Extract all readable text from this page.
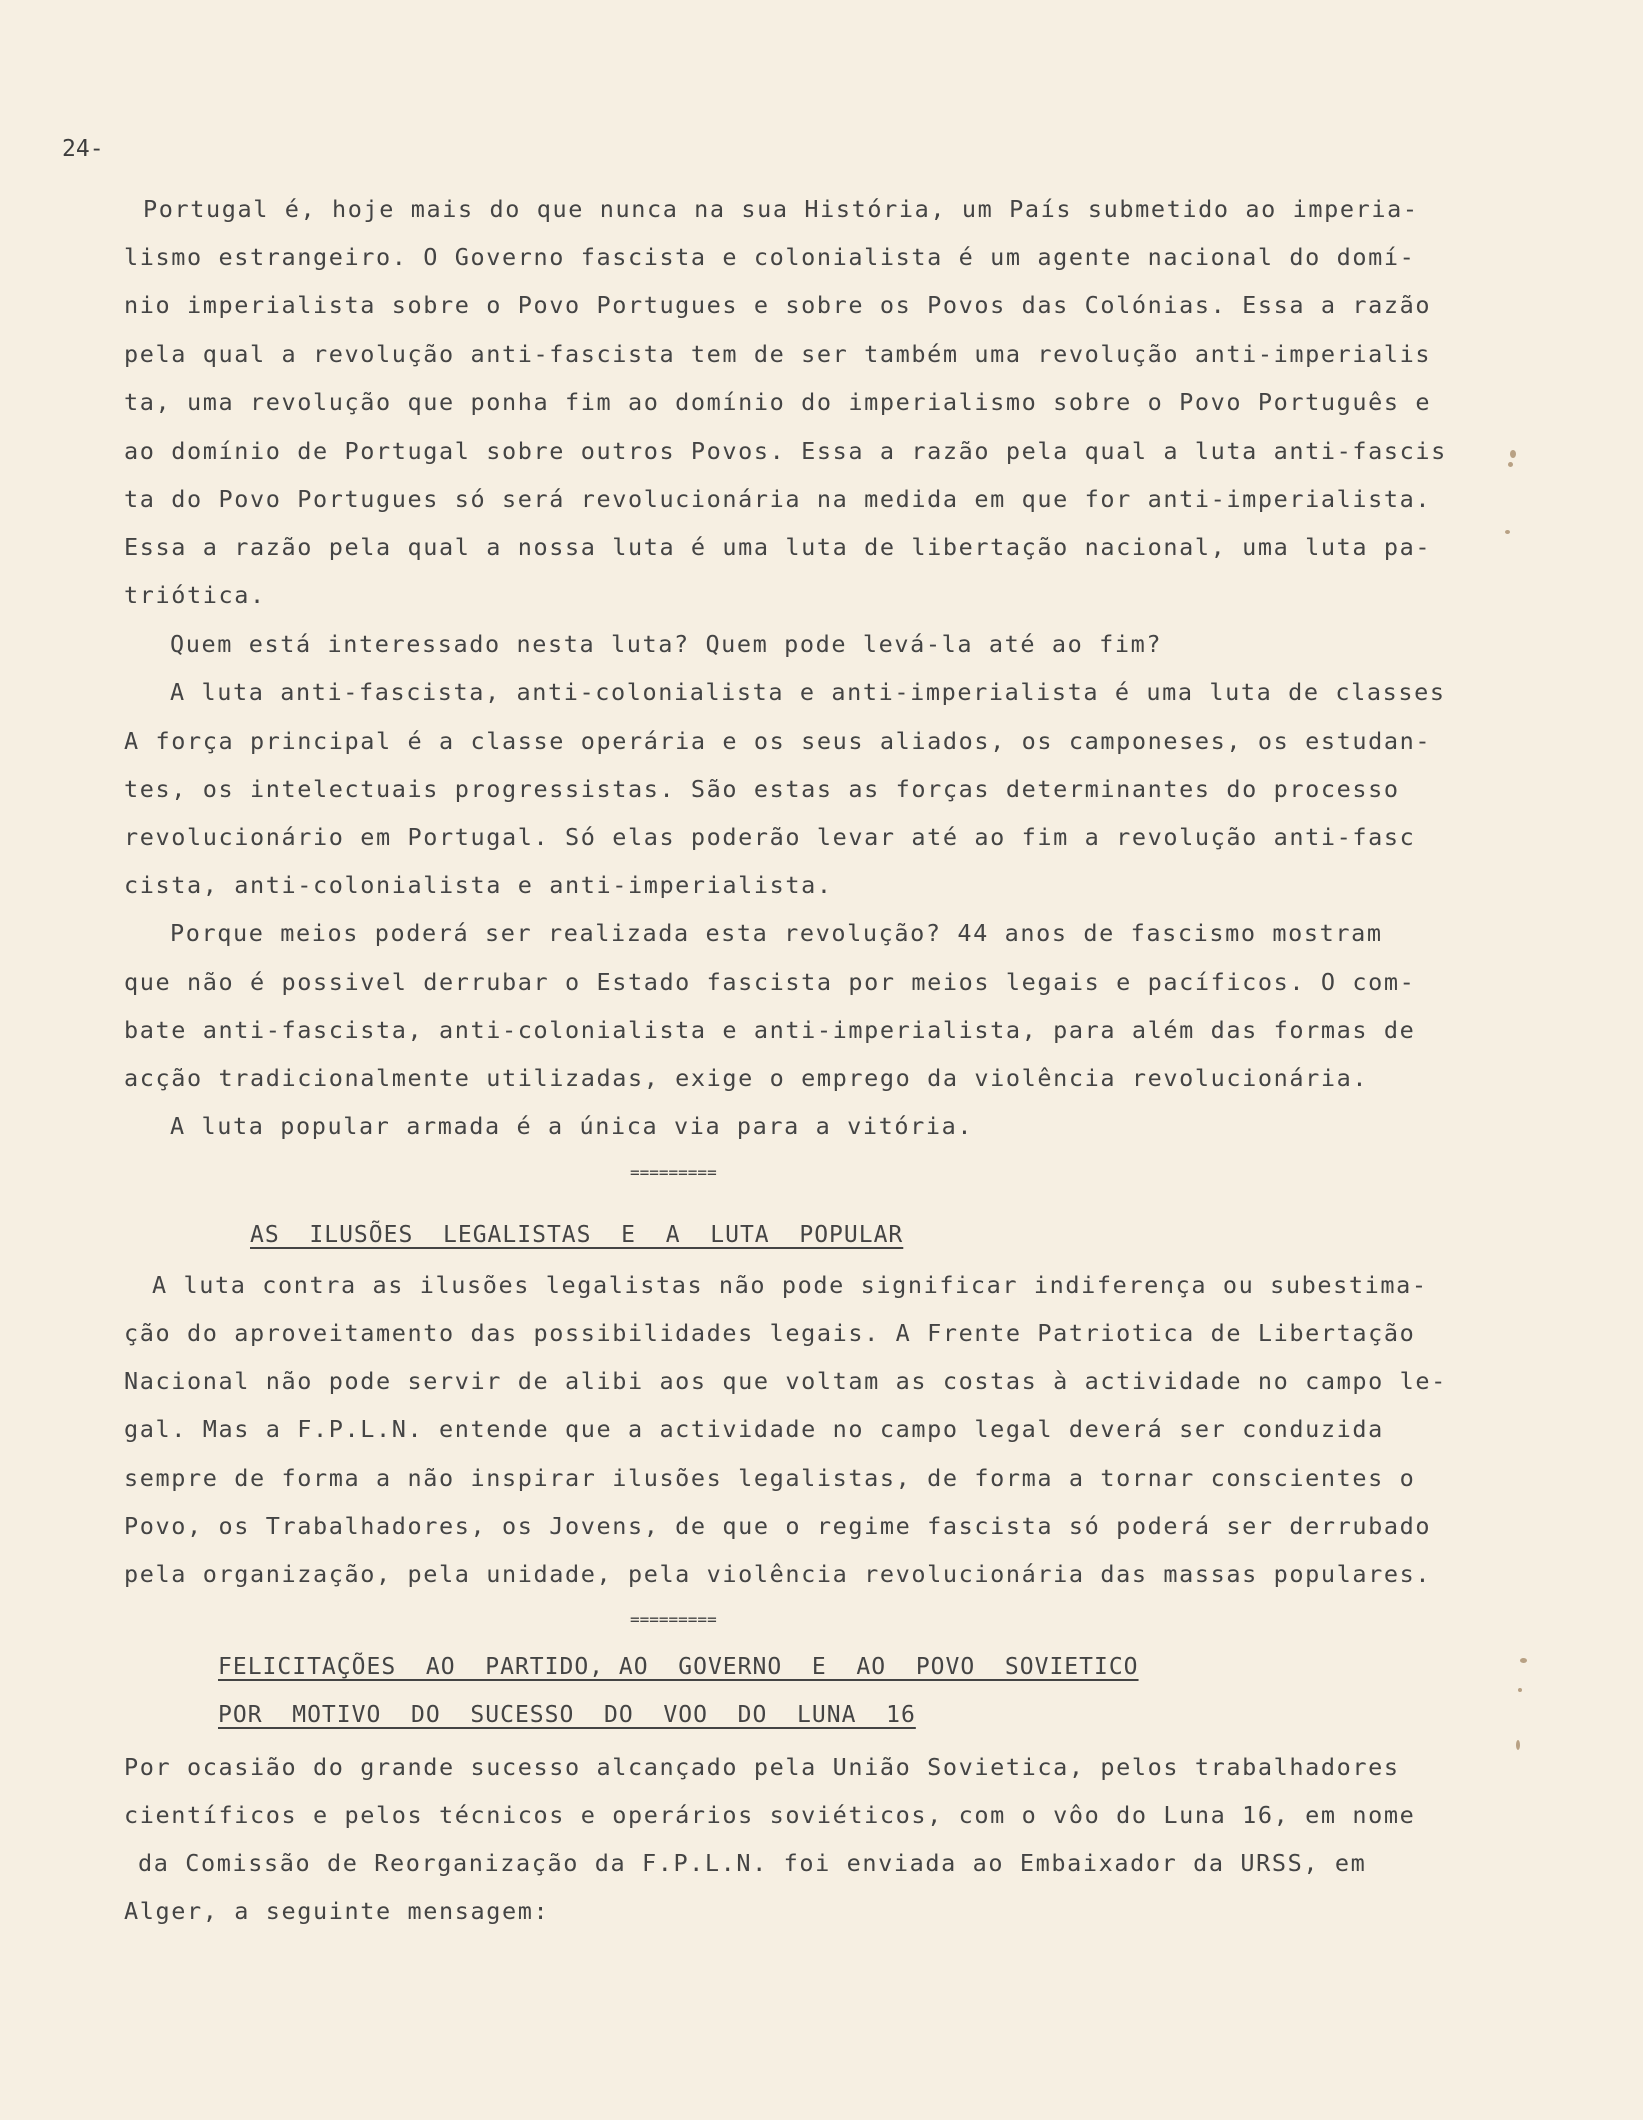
24-
Portugal é, hoje mais do que nunca na sua História, um País submetido ao imperia-
lismo estrangeiro. O Governo fascista e colonialista é um agente nacional do domí-
nio imperialista sobre o Povo Portugues e sobre os Povos das Colónias. Essa a razão
pela qual a revolução anti-fascista tem de ser também uma revolução anti-imperialis
ta, uma revolução que ponha fim ao domínio do imperialismo sobre o Povo Português e
ao domínio de Portugal sobre outros Povos. Essa a razão pela qual a luta anti-fascis
ta do Povo Portugues só será revolucionária na medida em que for anti-imperialista.
Essa a razão pela qual a nossa luta é uma luta de libertação nacional, uma luta pa-
triótica.
Quem está interessado nesta luta? Quem pode levá-la até ao fim?
A luta anti-fascista, anti-colonialista e anti-imperialista é uma luta de classes
A força principal é a classe operária e os seus aliados, os camponeses, os estudan-
tes, os intelectuais progressistas. São estas as forças determinantes do processo
revolucionário em Portugal. Só elas poderão levar até ao fim a revolução anti-fasc
cista, anti-colonialista e anti-imperialista.
Porque meios poderá ser realizada esta revolução? 44 anos de fascismo mostram
que não é possivel derrubar o Estado fascista por meios legais e pacíficos. O com-
bate anti-fascista, anti-colonialista e anti-imperialista, para além das formas de
acção tradicionalmente utilizadas, exige o emprego da violência revolucionária.
A luta popular armada é a única via para a vitória.
=========
AS  ILUSÕES  LEGALISTAS  E  A  LUTA  POPULAR
A luta contra as ilusões legalistas não pode significar indiferença ou subestima-
ção do aproveitamento das possibilidades legais. A Frente Patriotica de Libertação
Nacional não pode servir de alibi aos que voltam as costas à actividade no campo le-
gal. Mas a F.P.L.N. entende que a actividade no campo legal deverá ser conduzida
sempre de forma a não inspirar ilusões legalistas, de forma a tornar conscientes o
Povo, os Trabalhadores, os Jovens, de que o regime fascista só poderá ser derrubado
pela organização, pela unidade, pela violência revolucionária das massas populares.
=========
FELICITAÇÕES  AO  PARTIDO, AO  GOVERNO  E  AO  POVO  SOVIETICO
POR  MOTIVO  DO  SUCESSO  DO  VOO  DO  LUNA  16
Por ocasião do grande sucesso alcançado pela União Sovietica, pelos trabalhadores
científicos e pelos técnicos e operários soviéticos, com o vôo do Luna 16, em nome
da Comissão de Reorganização da F.P.L.N. foi enviada ao Embaixador da URSS, em
Alger, a seguinte mensagem:
